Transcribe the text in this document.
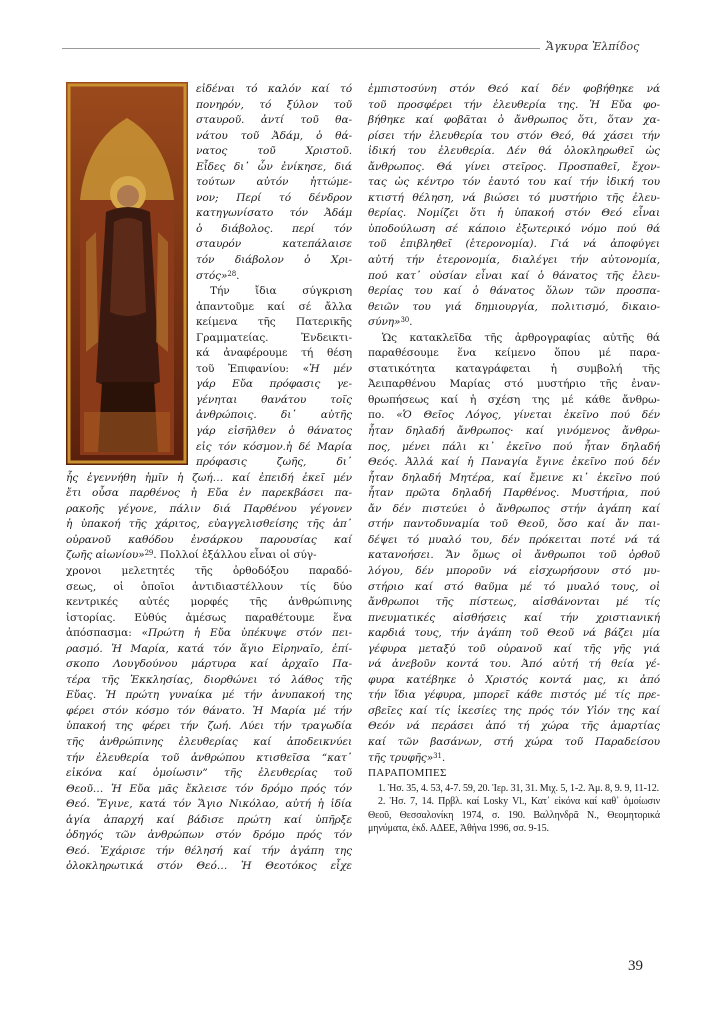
Ἄγκυρα Ἐλπίδος
εἰδέναι τό καλόν καί τό
πονηρόν, τό ξύλον τοῦ
σταυροῦ. ἀντί τοῦ θα-
νάτου τοῦ Ἀδάμ, ὁ θά-
νατος τοῦ Χριστοῦ.
Εἶδες δι᾿ ὧν ἐνίκησε, διά
τούτων αὐτόν ἡττώμε-
νον; Περί τό δένδρον
κατηγωνίσατο τόν Ἀδάμ
ὁ διάβολος. περί τόν
σταυρόν κατεπάλαισε
τόν διάβολον ὁ Χρι-
στός»$^{28}$.
Τήν ἴδια σύγκριση
ἀπαντοῦμε καί σέ ἄλλα
κείμενα τῆς Πατερικῆς
Γραμματείας. Ἐνδεικτι-
κά ἀναφέρουμε τή θέση
τοῦ Ἐπιφανίου: «Ἡ μέν
γάρ Εὔα πρόφασις γε-
γένηται θανάτου τοῖς
ἀνθρώποις. δι᾿ αὐτῆς
γάρ εἰσῆλθεν ὁ θάνατος
εἰς τόν κόσμον.ἡ δέ Μαρία πρόφασις ζωῆς, δι᾿
ἧς ἐγεννήθη ἡμῖν ἡ ζωή… καί ἐπειδή ἐκεῖ μέν
ἔτι οὖσα παρθένος ἡ Εὔα ἐν παρεκβάσει πα-
ρακοῆς γέγονε, πάλιν διά Παρθένου γέγονεν
ἡ ὑπακοή τῆς χάριτος, εὐαγγελισθείσης τῆς ἀπ᾿
οὐρανοῦ καθόδου ἐνσάρκου παρουσίας καί
ζωῆς αἰωνίου»$^{29}$. Πολλοί ἐξάλλου εἶναι οἱ σύγ-
χρονοι μελετητές τῆς ὀρθοδόξου παραδό-
σεως, οἱ ὁποῖοι ἀντιδιαστέλλουν τίς δύο
κεντρικές αὐτές μορφές τῆς ἀνθρώπινης
ἱστορίας. Εὐθύς ἀμέσως παραθέτουμε ἕνα
ἀπόσπασμα: «Πρώτη ἡ Εὔα ὑπέκυψε στόν πει-
ρασμό. Ἡ Μαρία, κατά τόν ἅγιο Εἰρηναῖο, ἐπί-
σκοπο Λουγδούνου μάρτυρα καί ἀρχαῖο Πα-
τέρα τῆς Ἐκκλησίας, διορθώνει τό λάθος τῆς
Εὔας. Ἡ πρώτη γυναίκα μέ τήν ἀνυπακοή της
φέρει στόν κόσμο τόν θάνατο. Ἡ Μαρία μέ τήν
ὑπακοή της φέρει τήν ζωή. Λύει τήν τραγωδία
τῆς ἀνθρώπινης ἐλευθερίας καί ἀποδεικνύει
τήν ἐλευθερία τοῦ ἀνθρώπου κτισθεῖσα “κατ᾿
εἰκόνα καί ὁμοίωσιν” τῆς ἐλευθερίας τοῦ
Θεοῦ… Ἡ Εὔα μᾶς ἔκλεισε τόν δρόμο πρός τόν
Θεό. Ἔγινε, κατά τόν Ἅγιο Νικόλαο, αὐτή ἡ ἰδία
ἁγία ἀπαρχή καί βάδισε πρώτη καί ὑπῆρξε
ὁδηγός τῶν ἀνθρώπων στόν δρόμο πρός τόν
Θεό. Ἐχάρισε τήν θέλησή καί τήν ἀγάπη της
ὁλοκληρωτικά στόν Θεό… Ἡ Θεοτόκος εἶχε
ἐμπιστοσύνη στόν Θεό καί δέν φοβήθηκε νά
τοῦ προσφέρει τήν ἐλευθερία της. Ἡ Εὔα φο-
βήθηκε καί φοβᾶται ὁ ἄνθρωπος ὅτι, ὅταν χα-
ρίσει τήν ἐλευθερία του στόν Θεό, θά χάσει τήν
ἰδική του ἐλευθερία. Δέν θά ὁλοκληρωθεῖ ὡς
ἄνθρωπος. Θά γίνει στεῖρος. Προσπαθεῖ, ἔχον-
τας ὡς κέντρο τόν ἑαυτό του καί τήν ἰδική του
κτιστή θέληση, νά βιώσει τό μυστήριο τῆς ἐλευ-
θερίας. Νομίζει ὅτι ἡ ὑπακοή στόν Θεό εἶναι
ὑποδούλωση σέ κάποιο ἐξωτερικό νόμο πού θά
τοῦ ἐπιβληθεῖ (ἑτερονομία). Γιά νά ἀποφύγει
αὐτή τήν ἑτερονομία, διαλέγει τήν αὐτονομία,
πού κατ᾿ οὐσίαν εἶναι καί ὁ θάνατος τῆς ἐλευ-
θερίας του καί ὁ θάνατος ὅλων τῶν προσπα-
θειῶν του γιά δημιουργία, πολιτισμό, δικαιο-
σύνη»$^{30}$.
Ὡς κατακλεῖδα τῆς ἀρθρογραφίας αὐτῆς θά
παραθέσουμε ἕνα κείμενο ὅπου μέ παρα-
στατικότητα καταγράφεται ἡ συμβολή τῆς
Ἀειπαρθένου Μαρίας στό μυστήριο τῆς ἐναν-
θρωπήσεως καί ἡ σχέση της μέ κάθε ἄνθρω-
πο. «Ὁ Θεῖος Λόγος, γίνεται ἐκεῖνο πού δέν
ἦταν δηλαδή ἄνθρωπος· καί γινόμενος ἄνθρω-
πος, μένει πάλι κι᾿ ἐκεῖνο πού ἦταν δηλαδή
Θεός. Ἀλλά καί ἡ Παναγία ἔγινε ἐκεῖνο πού δέν
ἦταν δηλαδή Μητέρα, καί ἔμεινε κι᾿ ἐκεῖνο πού
ἦταν πρῶτα δηλαδή Παρθένος. Μυστήρια, πού
ἄν δέν πιστεύει ὁ ἄνθρωπος στήν ἀγάπη καί
στήν παντοδυναμία τοῦ Θεοῦ, ὅσο καί ἄν παι-
δέψει τό μυαλό του, δέν πρόκειται ποτέ νά τά
κατανοήσει. Ἄν ὅμως οἱ ἄνθρωποι τοῦ ὀρθοῦ
λόγου, δέν μποροῦν νά εἰσχωρήσουν στό μυ-
στήριο καί στό θαῦμα μέ τό μυαλό τους, οἱ
ἄνθρωποι τῆς πίστεως, αἰσθάνονται μέ τίς
πνευματικές αἰσθήσεις καί τήν χριστιανική
καρδιά τους, τήν ἀγάπη τοῦ Θεοῦ νά βάζει μία
γέφυρα μεταξύ τοῦ οὐρανοῦ καί τῆς γῆς γιά
νά ἀνεβοῦν κοντά του. Ἀπό αὐτή τή θεία γέ-
φυρα κατέβηκε ὁ Χριστός κοντά μας, κι ἀπό
τήν ἴδια γέφυρα, μπορεῖ κάθε πιστός μέ τίς πρε-
σβεῖες καί τίς ἱκεσίες της πρός τόν Υἱόν της καί
Θεόν νά περάσει ἀπό τή χώρα τῆς ἁμαρτίας
καί τῶν βασάνων, στή χώρα τοῦ Παραδείσου
τῆς τρυφῆς»$^{31}$.

ΠΑΡΑΠΟΜΠΕΣ

1. Ἡσ. 35, 4. 53, 4-7. 59, 20. Ἱερ. 31, 31. Μιχ. 5, 1-2. Ἀμ. 8, 9. 9, 11-12.

2. Ἡσ. 7, 14. Πρβλ. καί Losky Vl., Κατ᾿ εἰκόνα καί καθ᾿ ὁμοίωσιν Θεοῦ, Θεσσαλονίκη 1974, σ. 190. Βαλληνδρᾶ Ν., Θεομητορικά μηνύματα, ἐκδ. ΑΔΕΕ, Ἀθήνα 1996, σσ. 9-15.

39
